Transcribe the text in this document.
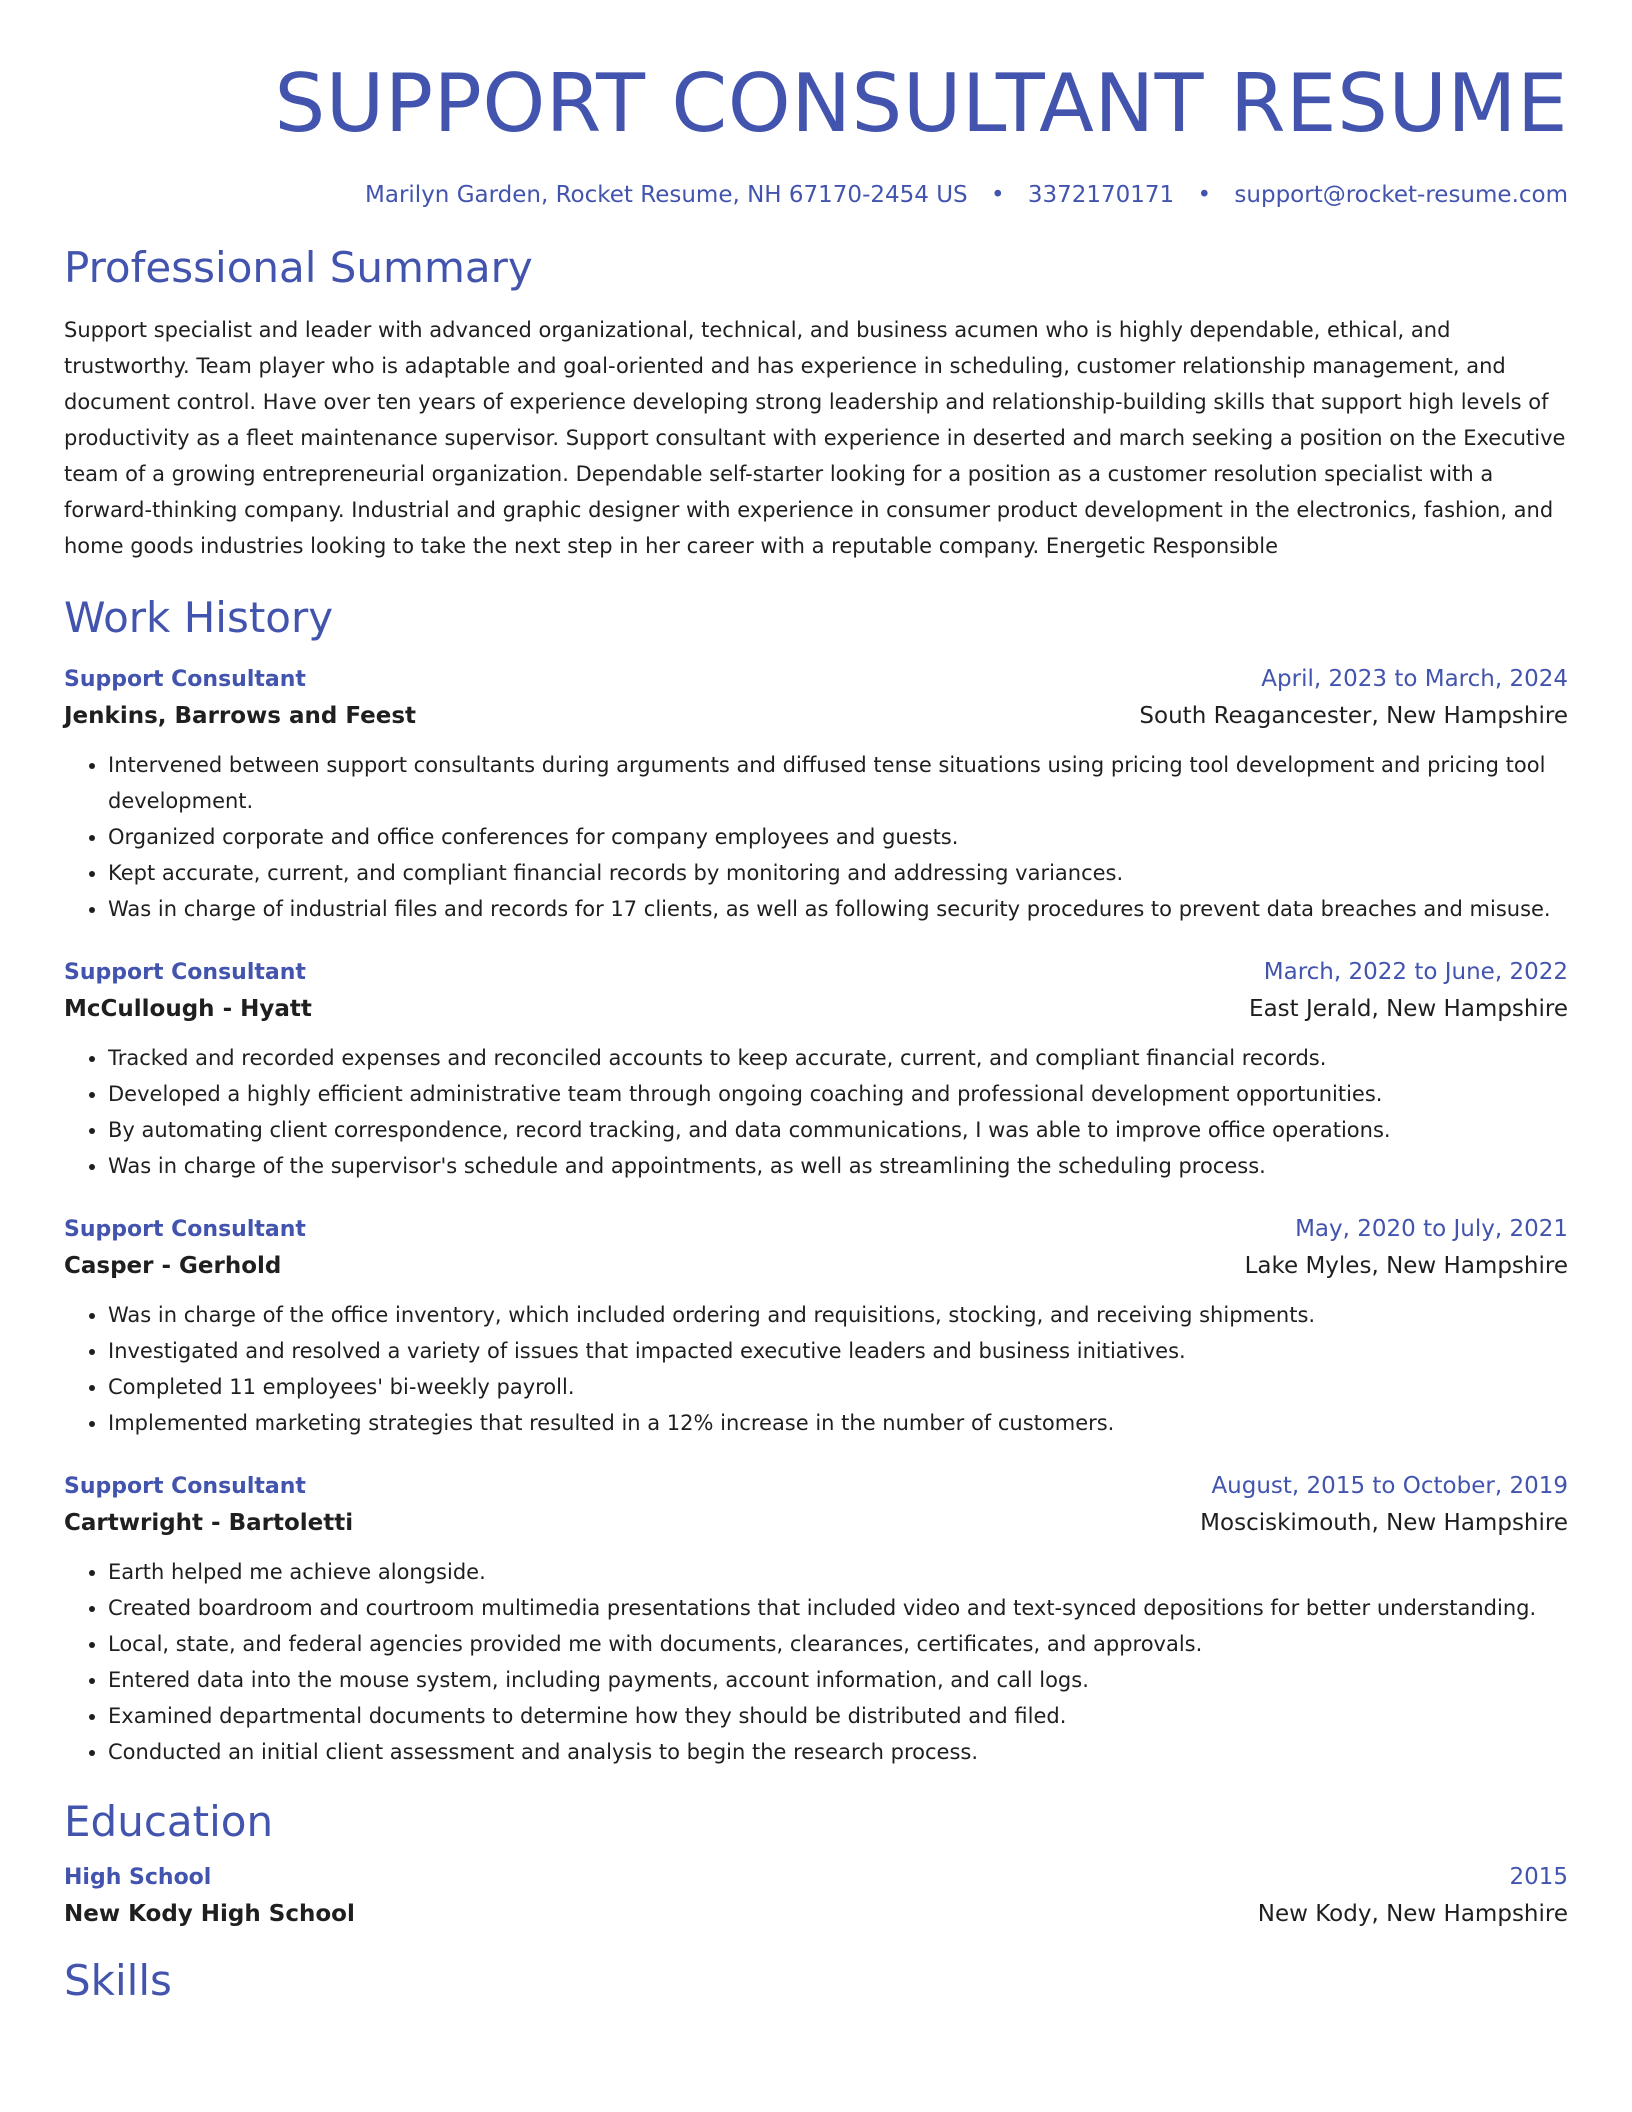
SUPPORT CONSULTANT RESUME
Marilyn Garden, Rocket Resume, NH 67170-2454 US • 3372170171 • support@rocket-resume.com
Professional Summary

Support specialist and leader with advanced organizational, technical, and business acumen who is highly dependable, ethical, and trustworthy. Team player who is adaptable and goal-oriented and has experience in scheduling, customer relationship management, and document control. Have over ten years of experience developing strong leadership and relationship-building skills that support high levels of productivity as a fleet maintenance supervisor. Support consultant with experience in deserted and march seeking a position on the Executive team of a growing entrepreneurial organization. Dependable self-starter looking for a position as a customer resolution specialist with a forward-thinking company. Industrial and graphic designer with experience in consumer product development in the electronics, fashion, and home goods industries looking to take the next step in her career with a reputable company. Energetic Responsible

Work History
Support Consultant	April, 2023 to March, 2024
Jenkins, Barrows and Feest	South Reagancester, New Hampshire
• Intervened between support consultants during arguments and diffused tense situations using pricing tool development and pricing tool development.
• Organized corporate and office conferences for company employees and guests.
• Kept accurate, current, and compliant financial records by monitoring and addressing variances.
• Was in charge of industrial files and records for 17 clients, as well as following security procedures to prevent data breaches and misuse.
Support Consultant	March, 2022 to June, 2022
McCullough - Hyatt	East Jerald, New Hampshire
• Tracked and recorded expenses and reconciled accounts to keep accurate, current, and compliant financial records.
• Developed a highly efficient administrative team through ongoing coaching and professional development opportunities.
• By automating client correspondence, record tracking, and data communications, I was able to improve office operations.
• Was in charge of the supervisor's schedule and appointments, as well as streamlining the scheduling process.
Support Consultant	May, 2020 to July, 2021
Casper - Gerhold	Lake Myles, New Hampshire
• Was in charge of the office inventory, which included ordering and requisitions, stocking, and receiving shipments.
• Investigated and resolved a variety of issues that impacted executive leaders and business initiatives.
• Completed 11 employees' bi-weekly payroll.
• Implemented marketing strategies that resulted in a 12% increase in the number of customers.
Support Consultant	August, 2015 to October, 2019
Cartwright - Bartoletti	Mosciskimouth, New Hampshire
• Earth helped me achieve alongside.
• Created boardroom and courtroom multimedia presentations that included video and text-synced depositions for better understanding.
• Local, state, and federal agencies provided me with documents, clearances, certificates, and approvals.
• Entered data into the mouse system, including payments, account information, and call logs.
• Examined departmental documents to determine how they should be distributed and filed.
• Conducted an initial client assessment and analysis to begin the research process.
Education
High School	2015
New Kody High School	New Kody, New Hampshire
Skills
